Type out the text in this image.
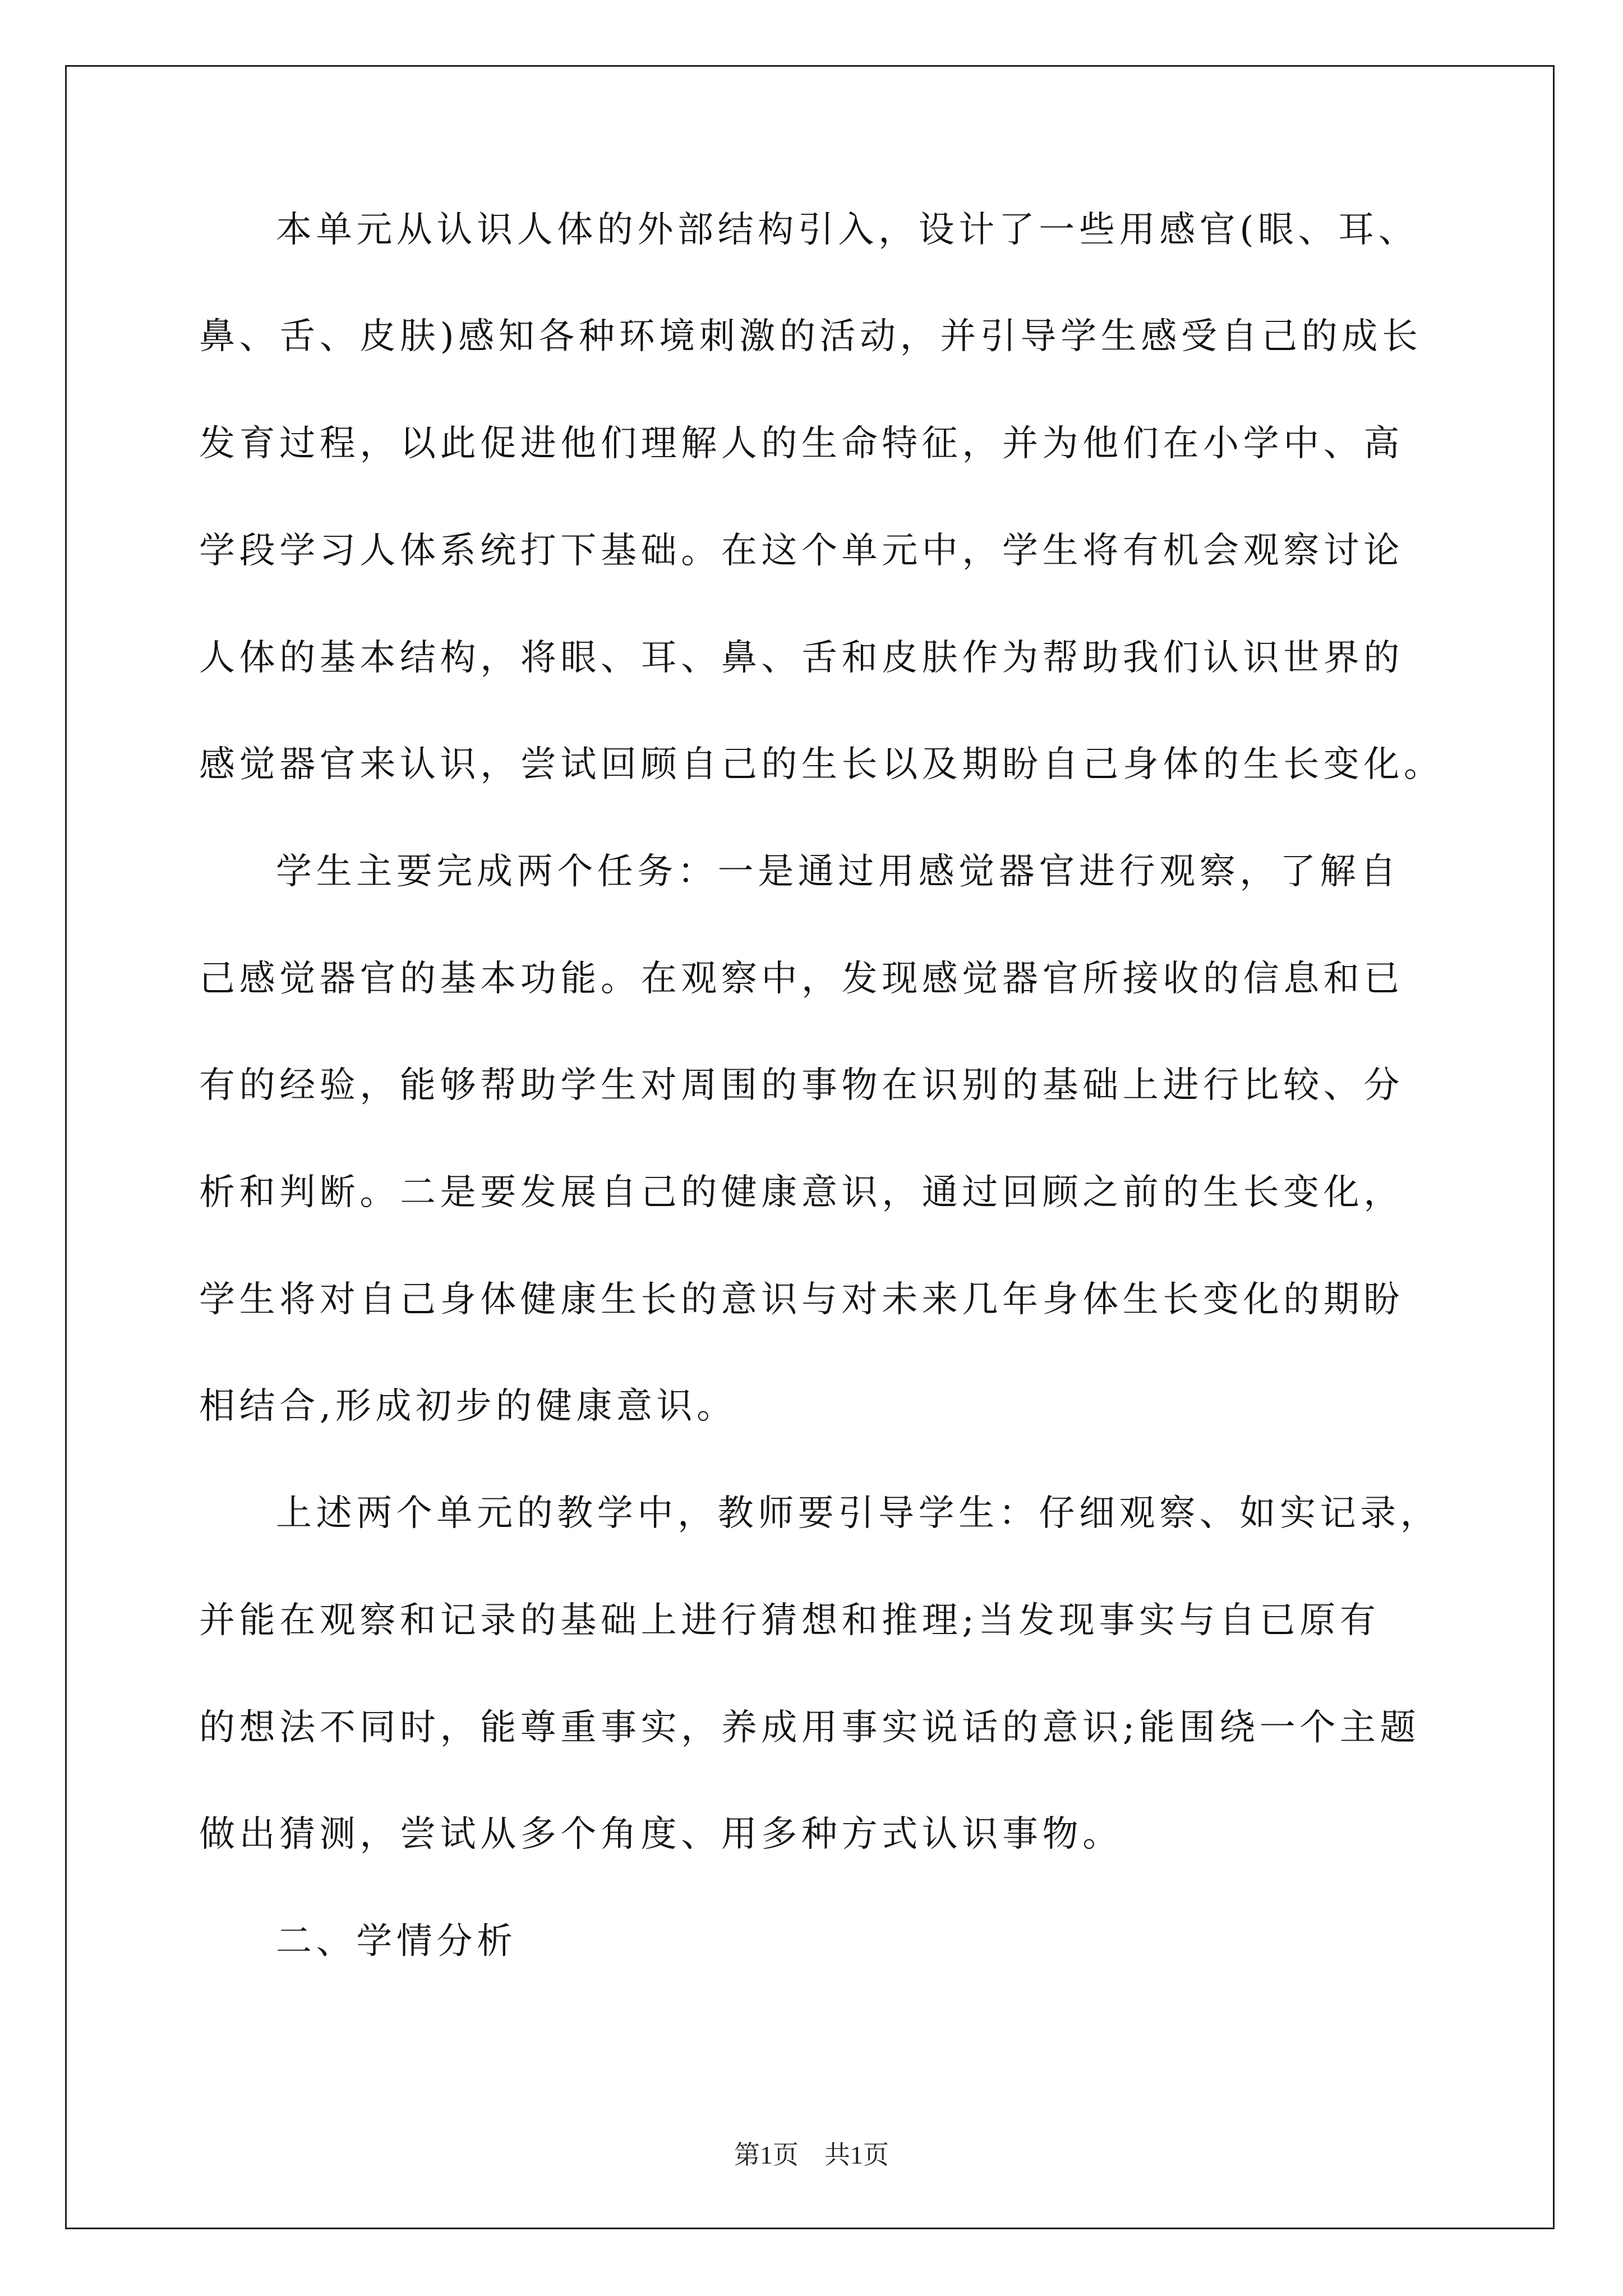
本单元从认识人体的外部结构引入，设计了一些用感官(眼、耳、
鼻、舌、皮肤)感知各种环境刺激的活动，并引导学生感受自己的成长
发育过程，以此促进他们理解人的生命特征，并为他们在小学中、高
学段学习人体系统打下基础。在这个单元中，学生将有机会观察讨论
人体的基本结构，将眼、耳、鼻、舌和皮肤作为帮助我们认识世界的
感觉器官来认识，尝试回顾自己的生长以及期盼自己身体的生长变化。
学生主要完成两个任务：一是通过用感觉器官进行观察，了解自
己感觉器官的基本功能。在观察中，发现感觉器官所接收的信息和已
有的经验，能够帮助学生对周围的事物在识别的基础上进行比较、分
析和判断。二是要发展自己的健康意识，通过回顾之前的生长变化，
学生将对自己身体健康生长的意识与对未来几年身体生长变化的期盼
相结合,形成初步的健康意识。
上述两个单元的教学中，教师要引导学生：仔细观察、如实记录，
并能在观察和记录的基础上进行猜想和推理;当发现事实与自已原有
的想法不同时，能尊重事实，养成用事实说话的意识;能围绕一个主题
做出猜测，尝试从多个角度、用多种方式认识事物。
二、学情分析
第1页　共1页
